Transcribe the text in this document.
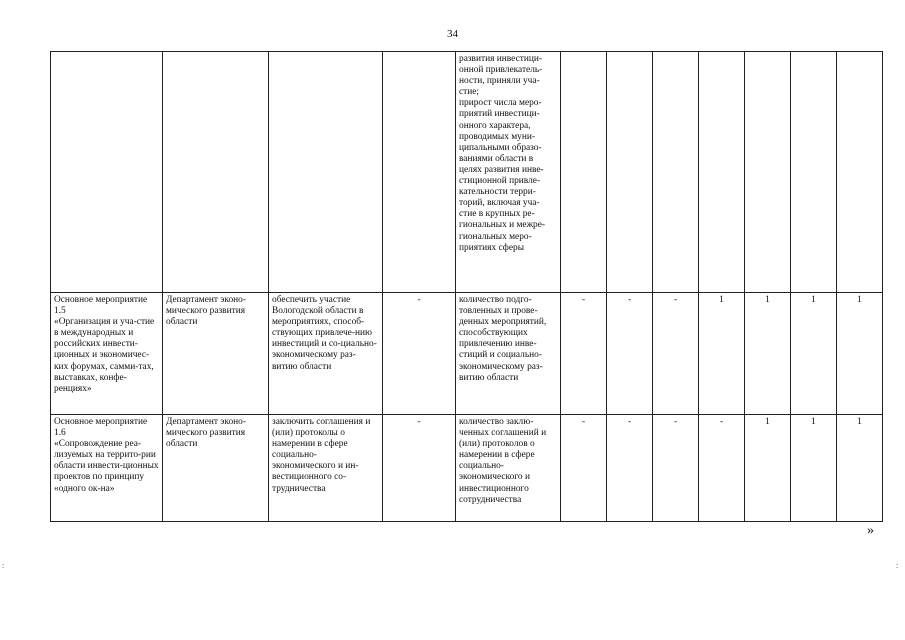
34
				развития инвестици-онной привлекатель-ности, приняли уча-стие;
прирост числа меро-приятий инвестици-онного характера, проводимых муни-ципальными образо-ваниями области в целях развития инве-стиционной привле-кательности терри-торий, включая уча-стие в крупных ре-гиональных и межре-гиональных меро-приятиях сферы							
Основное мероприятие 1.5
«Организация и уча-стие в международных и российских инвести-ционных и экономичес-ких форумах, самми-тах, выставках, конфе-ренциях»	Департамент эконо-мического развития области	обеспечить участие Вологодской области в мероприятиях, способ-ствующих привлече-нию инвестиций и со-циально-экономическому раз-витию области	-	количество подго-товленных и прове-денных мероприятий, способствующих привлечению инве-стиций и социально-экономическому раз-витию области	-	-	-	1	1	1	1
Основное мероприятие 1.6
«Сопровождение реа-лизуемых на террито-рии области инвести-ционных проектов по принципу «одного ок-на»	Департамент эконо-мического развития области	заключить соглашения и (или) протоколы о намерении в сфере социально-экономического и ин-вестиционного со-трудничества	-	количество заклю-ченных соглашений и (или) протоколов о намерении в сфере социально-экономического и инвестиционного сотрудничества	-	-	-	-	1	1	1
»
:	:
